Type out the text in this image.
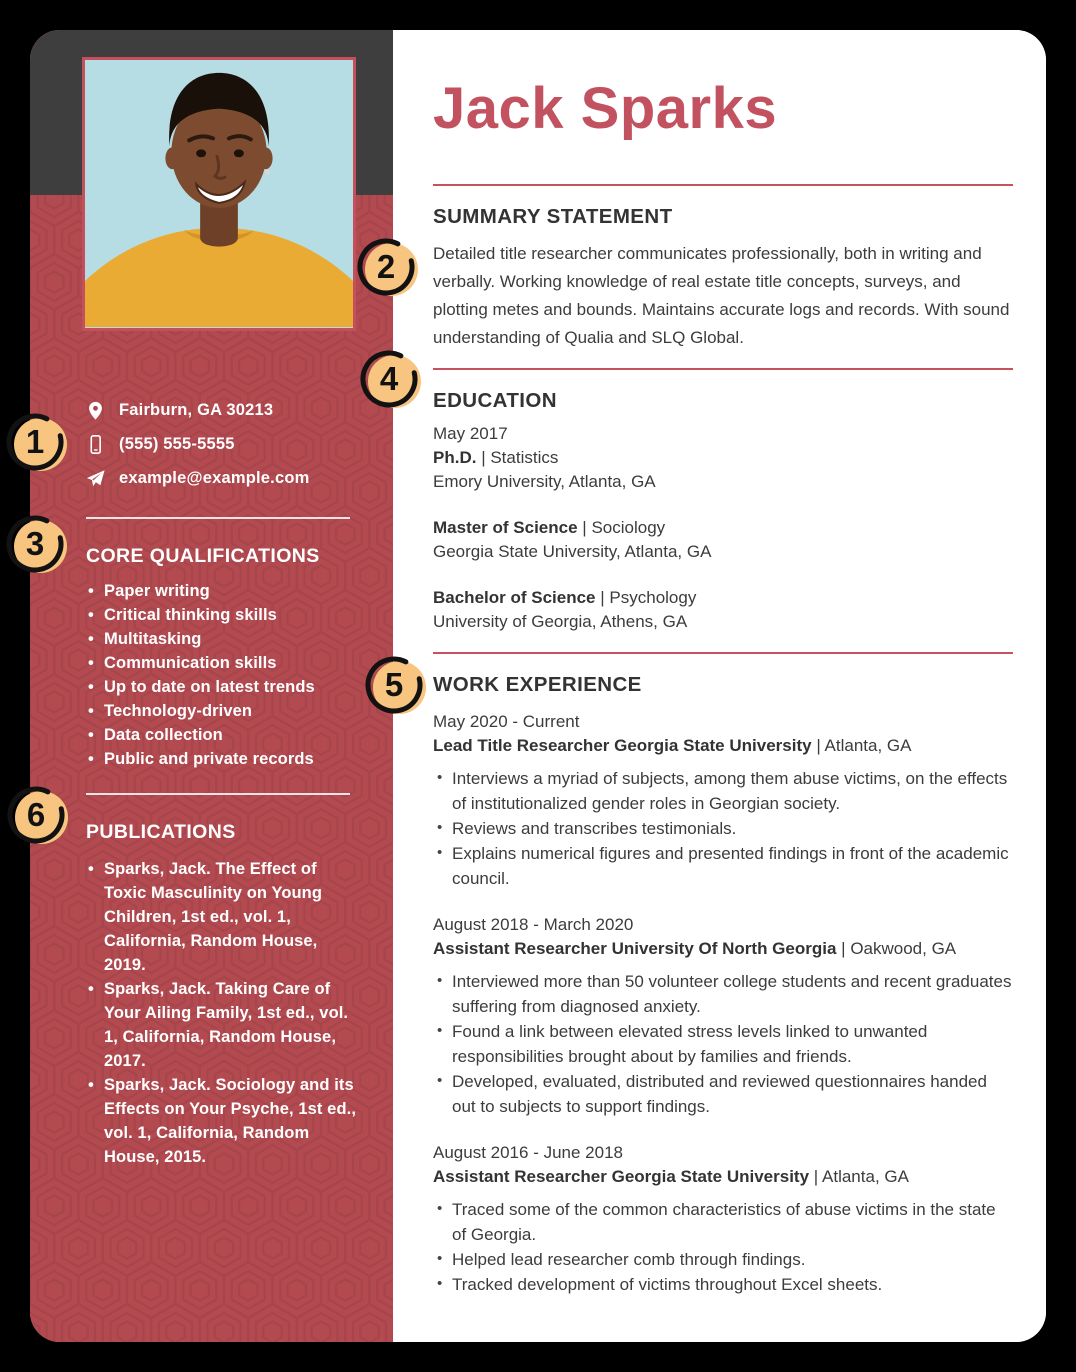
Fairburn, GA 30213
(555) 555-5555
example@example.com
CORE QUALIFICATIONS
• Paper writing
• Critical thinking skills
• Multitasking
• Communication skills
• Up to date on latest trends
• Technology-driven
• Data collection
• Public and private records
PUBLICATIONS
• Sparks, Jack. The Effect of Toxic Masculinity on Young Children, 1st ed., vol. 1, California, Random House, 2019.
• Sparks, Jack. Taking Care of Your Ailing Family, 1st ed., vol. 1, California, Random House, 2017.
• Sparks, Jack. Sociology and its Effects on Your Psyche, 1st ed., vol. 1, California, Random House, 2015.
Jack Sparks
SUMMARY STATEMENT

Detailed title researcher communicates professionally, both in writing and verbally. Working knowledge of real estate title concepts, surveys, and plotting metes and bounds. Maintains accurate logs and records. With sound understanding of Qualia and SLQ Global.

EDUCATION
May 2017
Ph.D. | Statistics
Emory University, Atlanta, GA
Master of Science | Sociology
Georgia State University, Atlanta, GA
Bachelor of Science | Psychology
University of Georgia, Athens, GA
WORK EXPERIENCE
May 2020 - Current
Lead Title Researcher Georgia State University | Atlanta, GA
• Interviews a myriad of subjects, among them abuse victims, on the effects of institutionalized gender roles in Georgian society.
• Reviews and transcribes testimonials.
• Explains numerical figures and presented findings in front of the academic council.
August 2018 - March 2020
Assistant Researcher University Of North Georgia | Oakwood, GA
• Interviewed more than 50 volunteer college students and recent graduates suffering from diagnosed anxiety.
• Found a link between elevated stress levels linked to unwanted responsibilities brought about by families and friends.
• Developed, evaluated, distributed and reviewed questionnaires handed out to subjects to support findings.
August 2016 - June 2018
Assistant Researcher Georgia State University | Atlanta, GA
• Traced some of the common characteristics of abuse victims in the state of Georgia.
• Helped lead researcher comb through findings.
• Tracked development of victims throughout Excel sheets.
1
2
3
4
5
6
